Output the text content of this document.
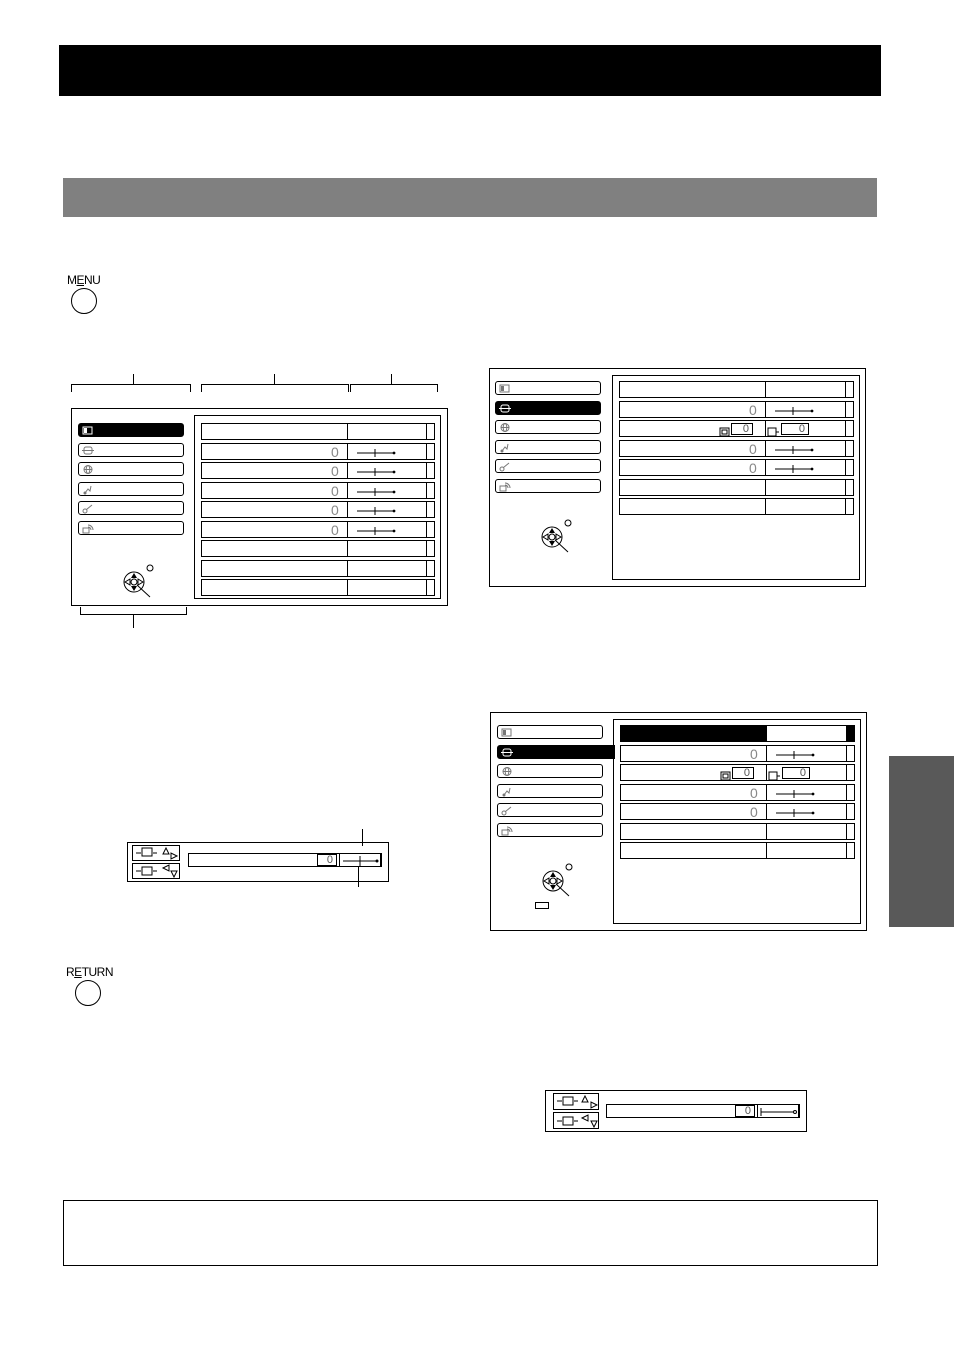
MENU
RETURN
0
0
0
0
0
0
0	0
0
0
0
0	0
0
0
0
0
